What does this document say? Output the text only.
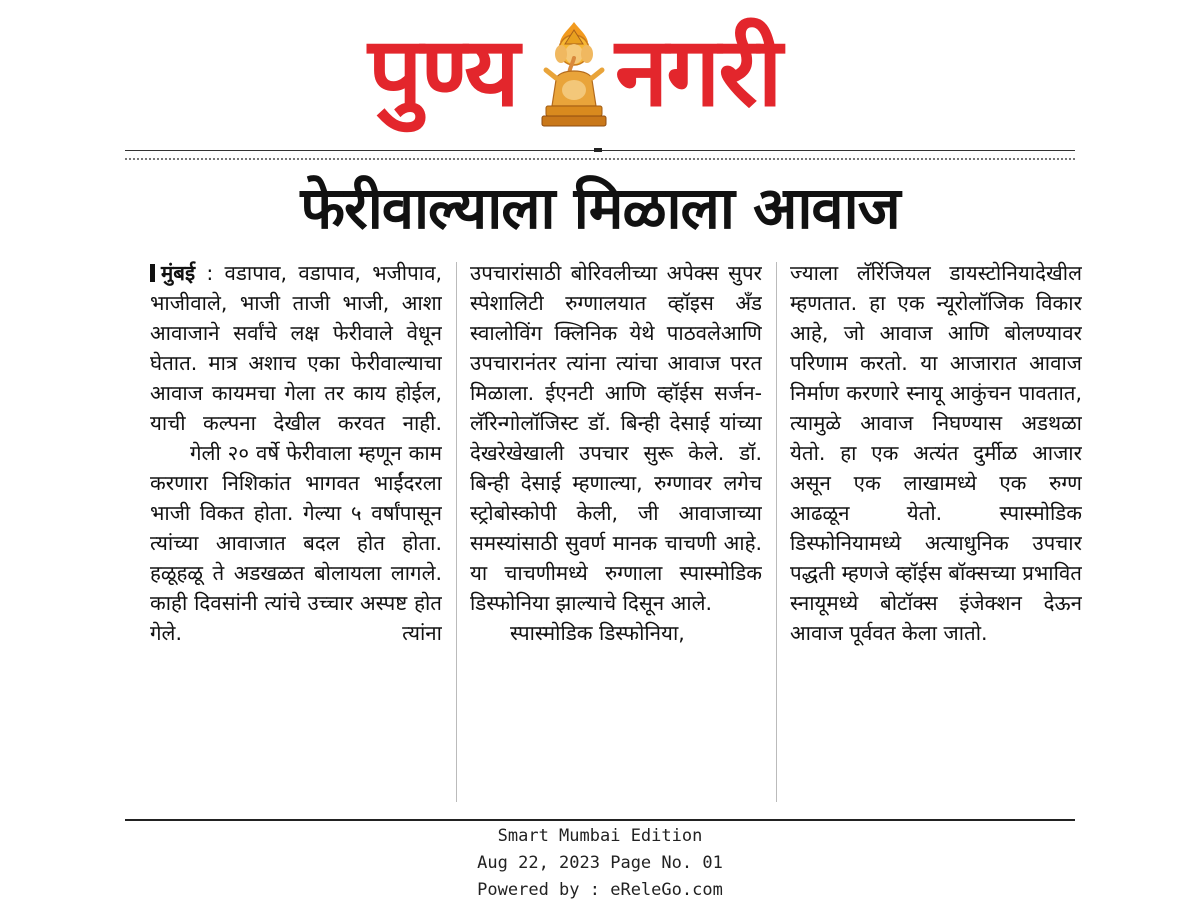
पुण्य नगरी
फेरीवाल्याला मिळाला आवाज

मुंबई : वडापाव, वडापाव, भजीपाव, भाजीवाले, भाजी ताजी भाजी, आशा आवाजाने सर्वांचे लक्ष फेरीवाले वेधून घेतात. मात्र अशाच एका फेरीवाल्याचा आवाज कायमचा गेला तर काय होईल, याची कल्पना देखील करवत नाही.

गेली २० वर्षे फेरीवाला म्हणून काम करणारा निशिकांत भागवत भाईंदरला भाजी विकत होता. गेल्या ५ वर्षांपासून त्यांच्या आवाजात बदल होत होता. हळूहळू ते अडखळत बोलायला लागले. काही दिवसांनी त्यांचे उच्चार अस्पष्ट होत गेले. त्यांना

उपचारांसाठी बोरिवलीच्या अपेक्स सुपर स्पेशालिटी रुग्णालयात व्हॉइस अँड स्वालोविंग क्लिनिक येथे पाठवलेआणि उपचारानंतर त्यांना त्यांचा आवाज परत मिळाला. ईएनटी आणि व्हॉईस सर्जन- लॅरिन्गोलॉजिस्ट डॉ. बिन्ही देसाई यांच्या देखरेखेखाली उपचार सुरू केले. डॉ. बिन्ही देसाई म्हणाल्या, रुग्णावर लगेच स्ट्रोबोस्कोपी केली, जी आवाजाच्या समस्यांसाठी सुवर्ण मानक चाचणी आहे. या चाचणीमध्ये रुग्णाला स्पास्मोडिक डिस्फोनिया झाल्याचे दिसून आले.

स्पास्मोडिक डिस्फोनिया,

ज्याला लॅरिंजियल डायस्टोनियादेखील म्हणतात. हा एक न्यूरोलॉजिक विकार आहे, जो आवाज आणि बोलण्यावर परिणाम करतो. या आजारात आवाज निर्माण करणारे स्नायू आकुंचन पावतात, त्यामुळे आवाज निघण्यास अडथळा येतो. हा एक अत्यंत दुर्मीळ आजार असून एक लाखामध्ये एक रुग्ण आढळून येतो. स्पास्मोडिक डिस्फोनियामध्ये अत्याधुनिक उपचार पद्धती म्हणजे व्हॉईस बॉक्सच्या प्रभावित स्नायूमध्ये बोटॉक्स इंजेक्शन देऊन आवाज पूर्ववत केला जातो.

Smart Mumbai Edition
Aug 22, 2023 Page No. 01
Powered by : eReleGo.com
